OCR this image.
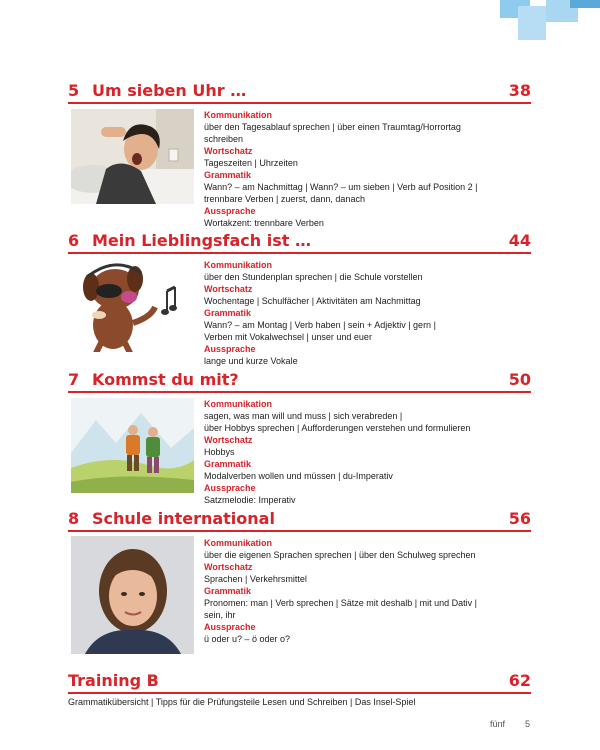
5 Um sieben Uhr …	38
Kommunikation
über den Tagesablauf sprechen | über einen Traumtag/Horrortag
schreiben
Wortschatz
Tageszeiten | Uhrzeiten
Grammatik
Wann? – am Nachmittag | Wann? – um sieben | Verb auf Position 2 |
trennbare Verben | zuerst, dann, danach
Aussprache
Wortakzent: trennbare Verben
6 Mein Lieblingsfach ist …	44
Kommunikation
über den Stundenplan sprechen | die Schule vorstellen
Wortschatz
Wochentage | Schulfächer | Aktivitäten am Nachmittag
Grammatik
Wann? – am Montag | Verb haben | sein + Adjektiv | gern |
Verben mit Vokalwechsel | unser und euer
Aussprache
lange und kurze Vokale
7 Kommst du mit?	50
Kommunikation
sagen, was man will und muss | sich verabreden |
über Hobbys sprechen | Aufforderungen verstehen und formulieren
Wortschatz
Hobbys
Grammatik
Modalverben wollen und müssen | du-Imperativ
Aussprache
Satzmelodie: Imperativ
8 Schule international	56
Kommunikation
über die eigenen Sprachen sprechen | über den Schulweg sprechen
Wortschatz
Sprachen | Verkehrsmittel
Grammatik
Pronomen: man | Verb sprechen | Sätze mit deshalb | mit und Dativ |
sein, ihr
Aussprache
ü oder u? – ö oder o?
Training B	62
Grammatikübersicht | Tipps für die Prüfungsteile Lesen und Schreiben | Das Insel-Spiel
fünf 5
